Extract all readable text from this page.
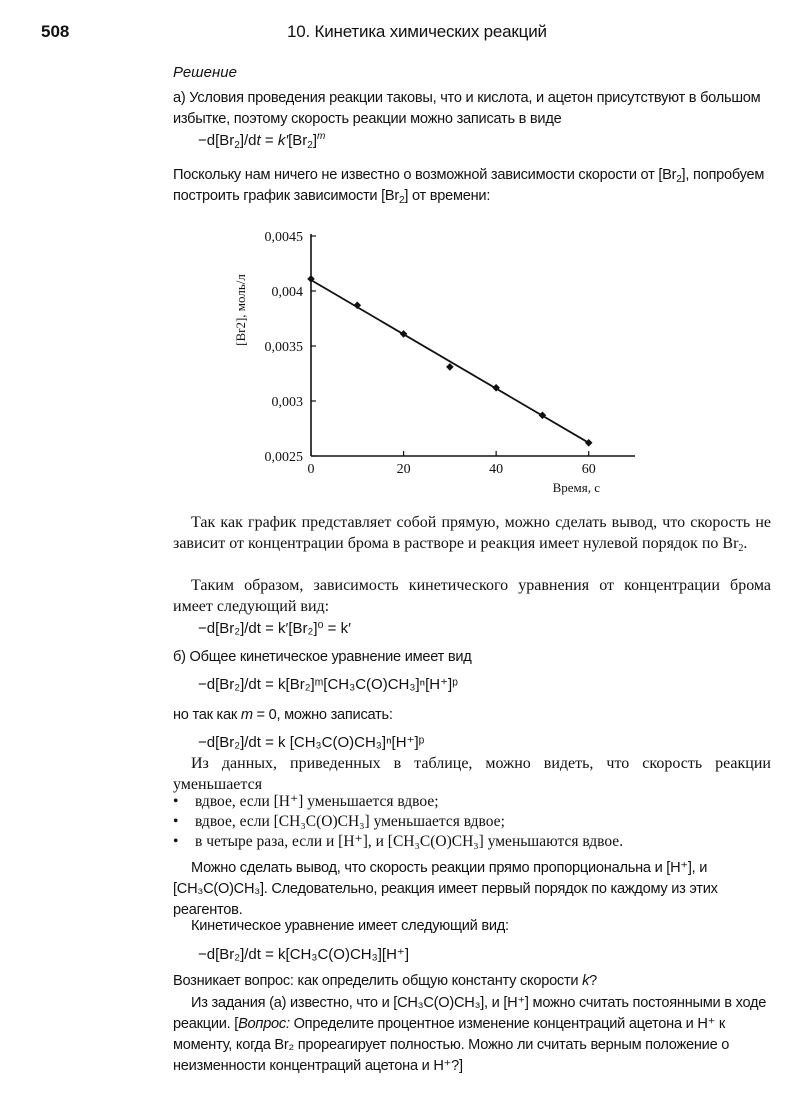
508	10. Кинетика химических реакций
Решение
а) Условия проведения реакции таковы, что и кислота, и ацетон присутствуют в большом избытке, поэтому скорость реакции можно записать в виде
$-d[Br_2]/dt = k'[Br_2]^m$
Поскольку нам ничего не известно о возможной зависимости скорости от $[Br_2]$, попробуем построить график зависимости $[Br_2]$ от времени:
0,0025
0,003
0,0035
0,004
0,0045
0	20	40	60
[Br2], моль/л
Время, с
Так как график представляет собой прямую, можно сделать вывод, что скорость не зависит от концентрации брома в растворе и реакция имеет нулевой порядок по $Br_2$.
Таким образом, зависимость кинетического уравнения от концентрации брома имеет следующий вид:
−d[Br₂]/dt = k′[Br₂]⁰ = k′
б) Общее кинетическое уравнение имеет вид
−d[Br₂]/dt = k[Br₂]ᵐ[CH₃C(O)CH₃]ⁿ[H⁺]ᵖ
но так как m = 0, можно записать:
−d[Br₂]/dt = k [CH₃C(O)CH₃]ⁿ[H⁺]ᵖ
Из данных, приведенных в таблице, можно видеть, что скорость реакции уменьшается
• вдвое, если [H⁺] уменьшается вдвое;
• вдвое, если [CH₃C(O)CH₃] уменьшается вдвое;
• в четыре раза, если и [H⁺], и [CH₃C(O)CH₃] уменьшаются вдвое.
Можно сделать вывод, что скорость реакции прямо пропорциональна и [H⁺], и [CH₃C(O)CH₃]. Следовательно, реакция имеет первый порядок по каждому из этих реагентов.
Кинетическое уравнение имеет следующий вид:
−d[Br₂]/dt = k[CH₃C(O)CH₃][H⁺]
Возникает вопрос: как определить общую константу скорости k?
Из задания (а) известно, что и [CH₃C(O)CH₃], и [H⁺] можно считать постоянными в ходе реакции. [Вопрос: Определите процентное изменение концентраций ацетона и H⁺ к моменту, когда Br₂ прореагирует полностью. Можно ли считать верным положение о неизменности концентраций ацетона и H⁺?]
